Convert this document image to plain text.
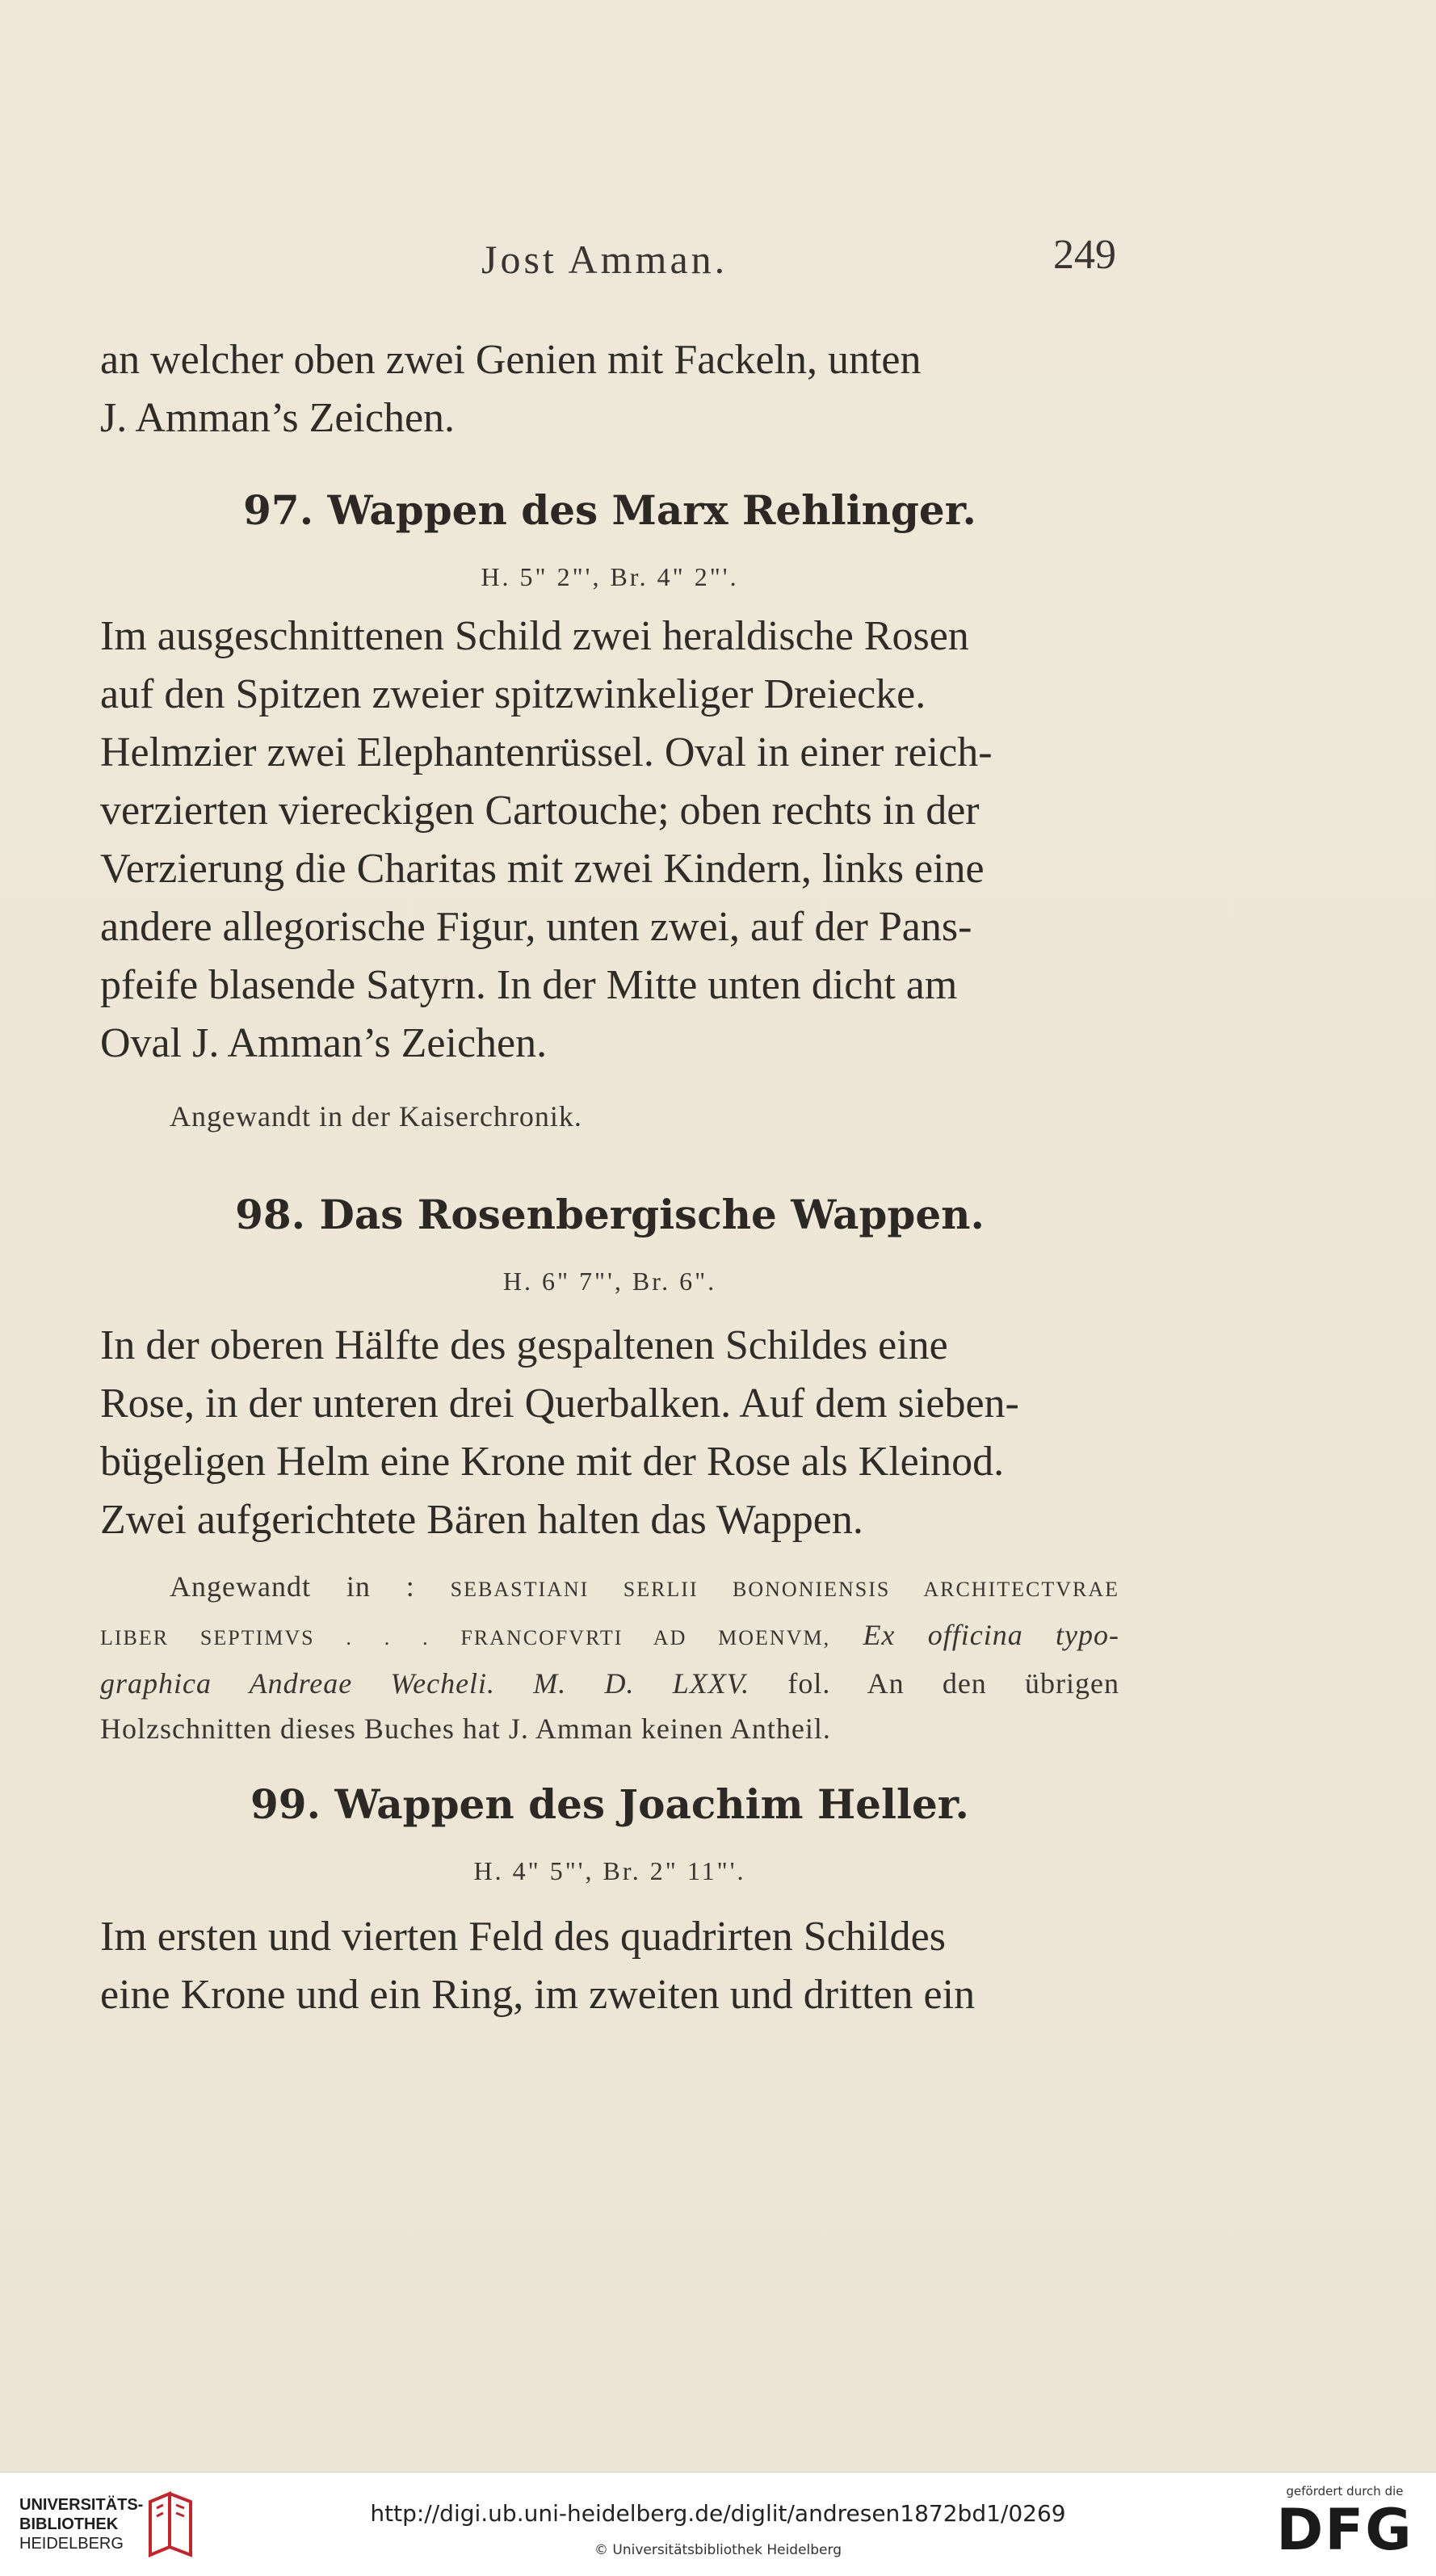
Jost Amman.	249
an welcher oben zwei Genien mit Fackeln, unten
J. Amman’s Zeichen.
97. Wappen des Marx Rehlinger.
H. 5" 2"', Br. 4" 2"'.
Im ausgeschnittenen Schild zwei heraldische Rosen
auf den Spitzen zweier spitzwinkeliger Dreiecke.
Helmzier zwei Elephantenrüssel. Oval in einer reich-
verzierten viereckigen Cartouche; oben rechts in der
Verzierung die Charitas mit zwei Kindern, links eine
andere allegorische Figur, unten zwei, auf der Pans-
pfeife blasende Satyrn. In der Mitte unten dicht am
Oval J. Amman’s Zeichen.
Angewandt in der Kaiserchronik.
98. Das Rosenbergische Wappen.
H. 6" 7"', Br. 6".
In der oberen Hälfte des gespaltenen Schildes eine
Rose, in der unteren drei Querbalken. Auf dem sieben-
bügeligen Helm eine Krone mit der Rose als Kleinod.
Zwei aufgerichtete Bären halten das Wappen.
Angewandt in : SEBASTIANI SERLII BONONIENSIS ARCHITECTVRAE
LIBER SEPTIMVS . . . FRANCOFVRTI AD MOENVM, Ex officina typo-
graphica Andreae Wecheli. M. D. LXXV. fol. An den übrigen
Holzschnitten dieses Buches hat J. Amman keinen Antheil.
99. Wappen des Joachim Heller.
H. 4" 5"', Br. 2" 11"'.
Im ersten und vierten Feld des quadrirten Schildes
eine Krone und ein Ring, im zweiten und dritten ein
UNIVERSITÄTS-
BIBLIOTHEK
HEIDELBERG
http://digi.ub.uni-heidelberg.de/diglit/andresen1872bd1/0269
© Universitätsbibliothek Heidelberg
gefördert durch die
DFG
